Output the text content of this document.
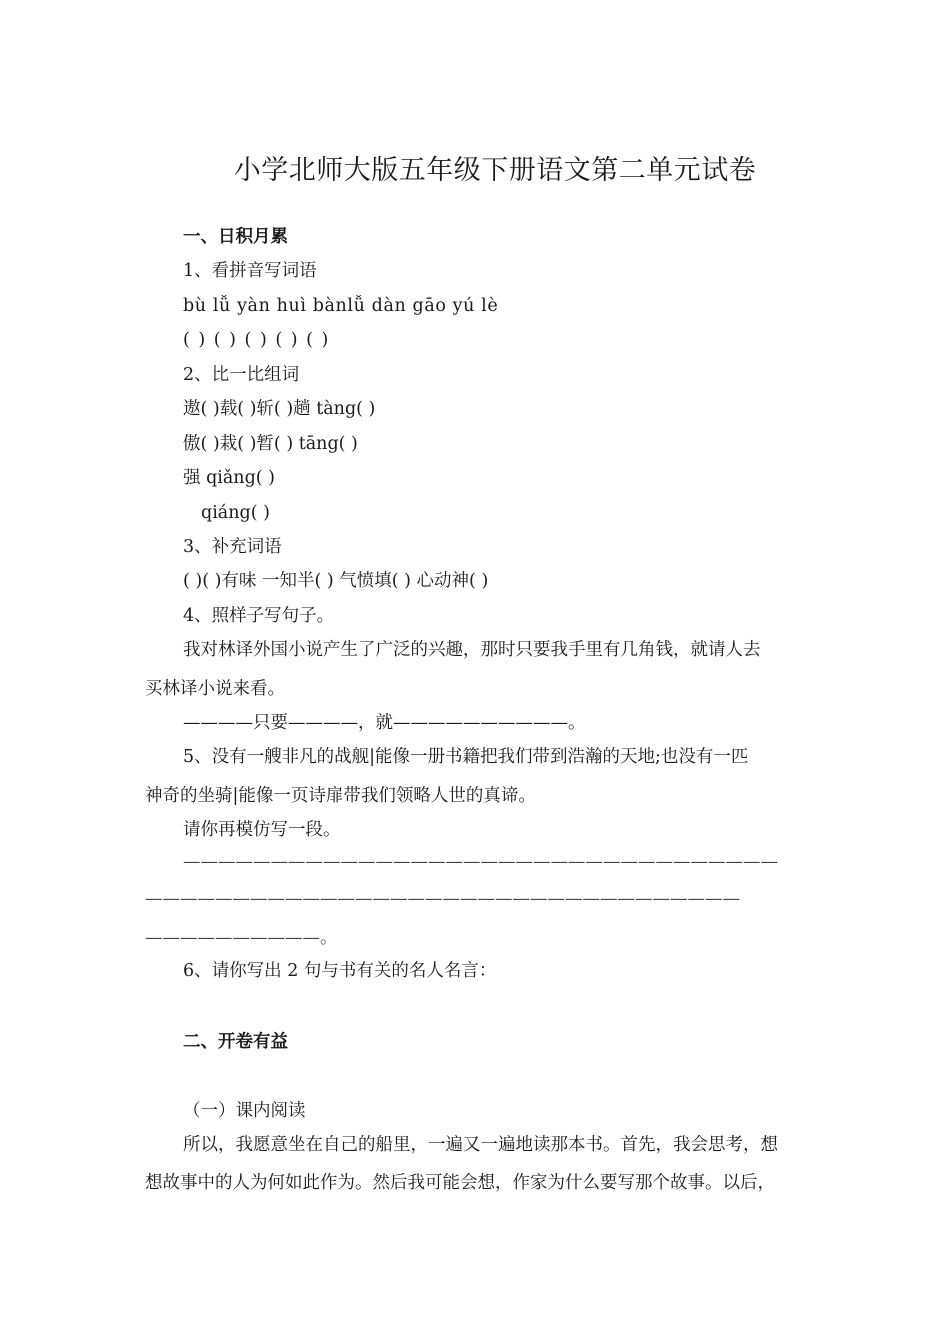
小学北师大版五年级下册语文第二单元试卷
一、日积月累
1、看拼音写词语
bù lǚ yàn huì bànlǚ dàn gāo yú lè
( ) ( ) ( ) ( ) ( )
2、比一比组词
遨( )载( )斩( )趟 tàng( )
傲( )栽( )暂( ) tāng( )
强 qiǎng( )
qiáng( )
3、补充词语
( )( )有味 一知半( ) 气愤填( ) 心动神( )
4、照样子写句子。
我对林译外国小说产生了广泛的兴趣，那时只要我手里有几角钱，就请人去
买林译小说来看。
————只要————，就——————————。
5、没有一艘非凡的战舰|能像一册书籍把我们带到浩瀚的天地;也没有一匹
神奇的坐骑|能像一页诗扉带我们领略人世的真谛。
请你再模仿写一段。
——————————————————————————————————
——————————————————————————————————
——————————。
6、请你写出 2 句与书有关的名人名言：
二、开卷有益
（一）课内阅读
所以，我愿意坐在自己的船里，一遍又一遍地读那本书。首先，我会思考，想
想故事中的人为何如此作为。然后我可能会想，作家为什么要写那个故事。以后，
